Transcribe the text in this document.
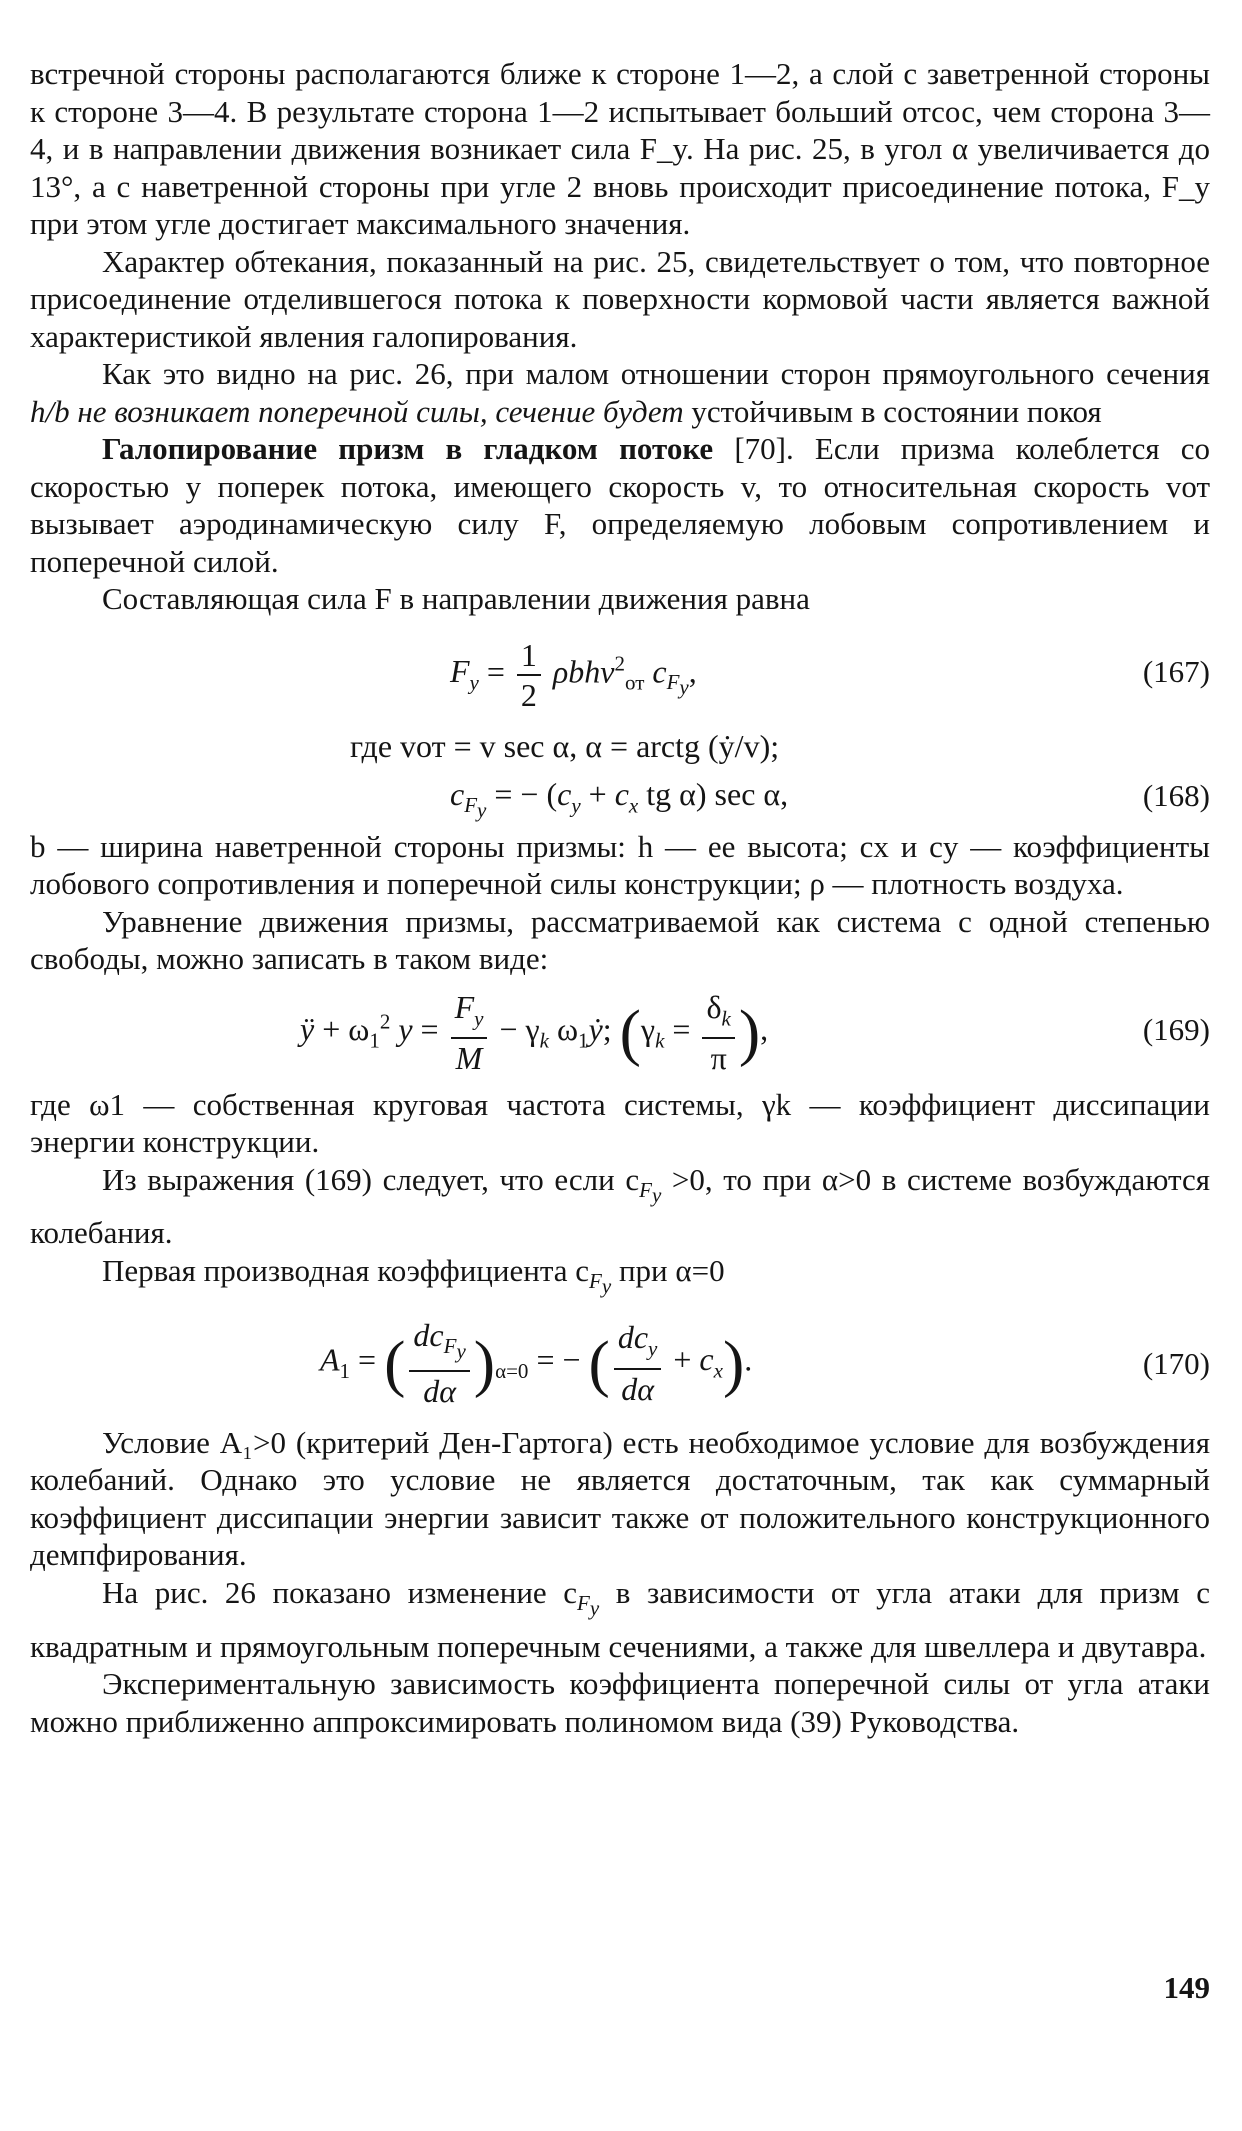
встречной стороны располагаются ближе к стороне 1—2, а слой с заветренной стороны к стороне 3—4. В результате сторона 1—2 испытывает больший отсос, чем сторона 3—4, и в направлении движения возникает сила F_y. На рис. 25, в угол α увеличивается до 13°, а с наветренной стороны при угле 2 вновь происходит присоединение потока, F_y при этом угле достигает максимального значения.

Характер обтекания, показанный на рис. 25, свидетельствует о том, что повторное присоединение отделившегося потока к поверхности кормовой части является важной характеристикой явления галопирования.

Как это видно на рис. 26, при малом отношении сторон прямоугольного сечения h/b не возникает поперечной силы, сечение будет устойчивым в состоянии покоя

Галопирование призм в гладком потоке [70]. Если призма колеблется со скоростью y поперек потока, имеющего скорость v, то относительная скорость vот вызывает аэродинамическую силу F, определяемую лобовым сопротивлением и поперечной силой.

Составляющая сила F в направлении движения равна

$F_y = \frac{1}{2} \rho bhv^2_{от}$ $c_{F_y}$,	(167)
где vот = v sec α, α = arctg (ẏ/v);
$c_{F_y}$ = − ($c_y + c_x$ tg α) sec α,	(168)

b — ширина наветренной стороны призмы: h — ее высота; cx и cy — коэффициенты лобового сопротивления и поперечной силы конструкции; ρ — плотность воздуха.

Уравнение движения призмы, рассматриваемой как система с одной степенью свободы, можно записать в таком виде:

ÿ + $\omega_1^2$ $y = \frac{F_y}{M} - \gamma_k$ $\omega_1ẏ$; ($\gamma_k = \frac{\delta_k}{\pi}$ ),	(169)

где ω1 — собственная круговая частота системы, γk — коэффициент диссипации энергии конструкции.

Из выражения (169) следует, что если $c_{F_y} >0$, то при α>0 в системе возбуждаются колебания.

Первая производная коэффициента $c_{F_y}$ при α=0

$A_1$ = ( $\frac{dc_{F_y}}{d\alpha} )_{\alpha=0}$ = − ( $\frac{dc_y}{d\alpha} + c_x$).	(170)

Условие A₁>0 (критерий Ден-Гартога) есть необходимое условие для возбуждения колебаний. Однако это условие не является достаточным, так как суммарный коэффициент диссипации энергии зависит также от положительного конструкционного демпфирования.

На рис. 26 показано изменение $c_{F_y}$ в зависимости от угла атаки для призм с квадратным и прямоугольным поперечным сечениями, а также для швеллера и двутавра.

Экспериментальную зависимость коэффициента поперечной силы от угла атаки можно приближенно аппроксимировать полиномом вида (39) Руководства.

149
